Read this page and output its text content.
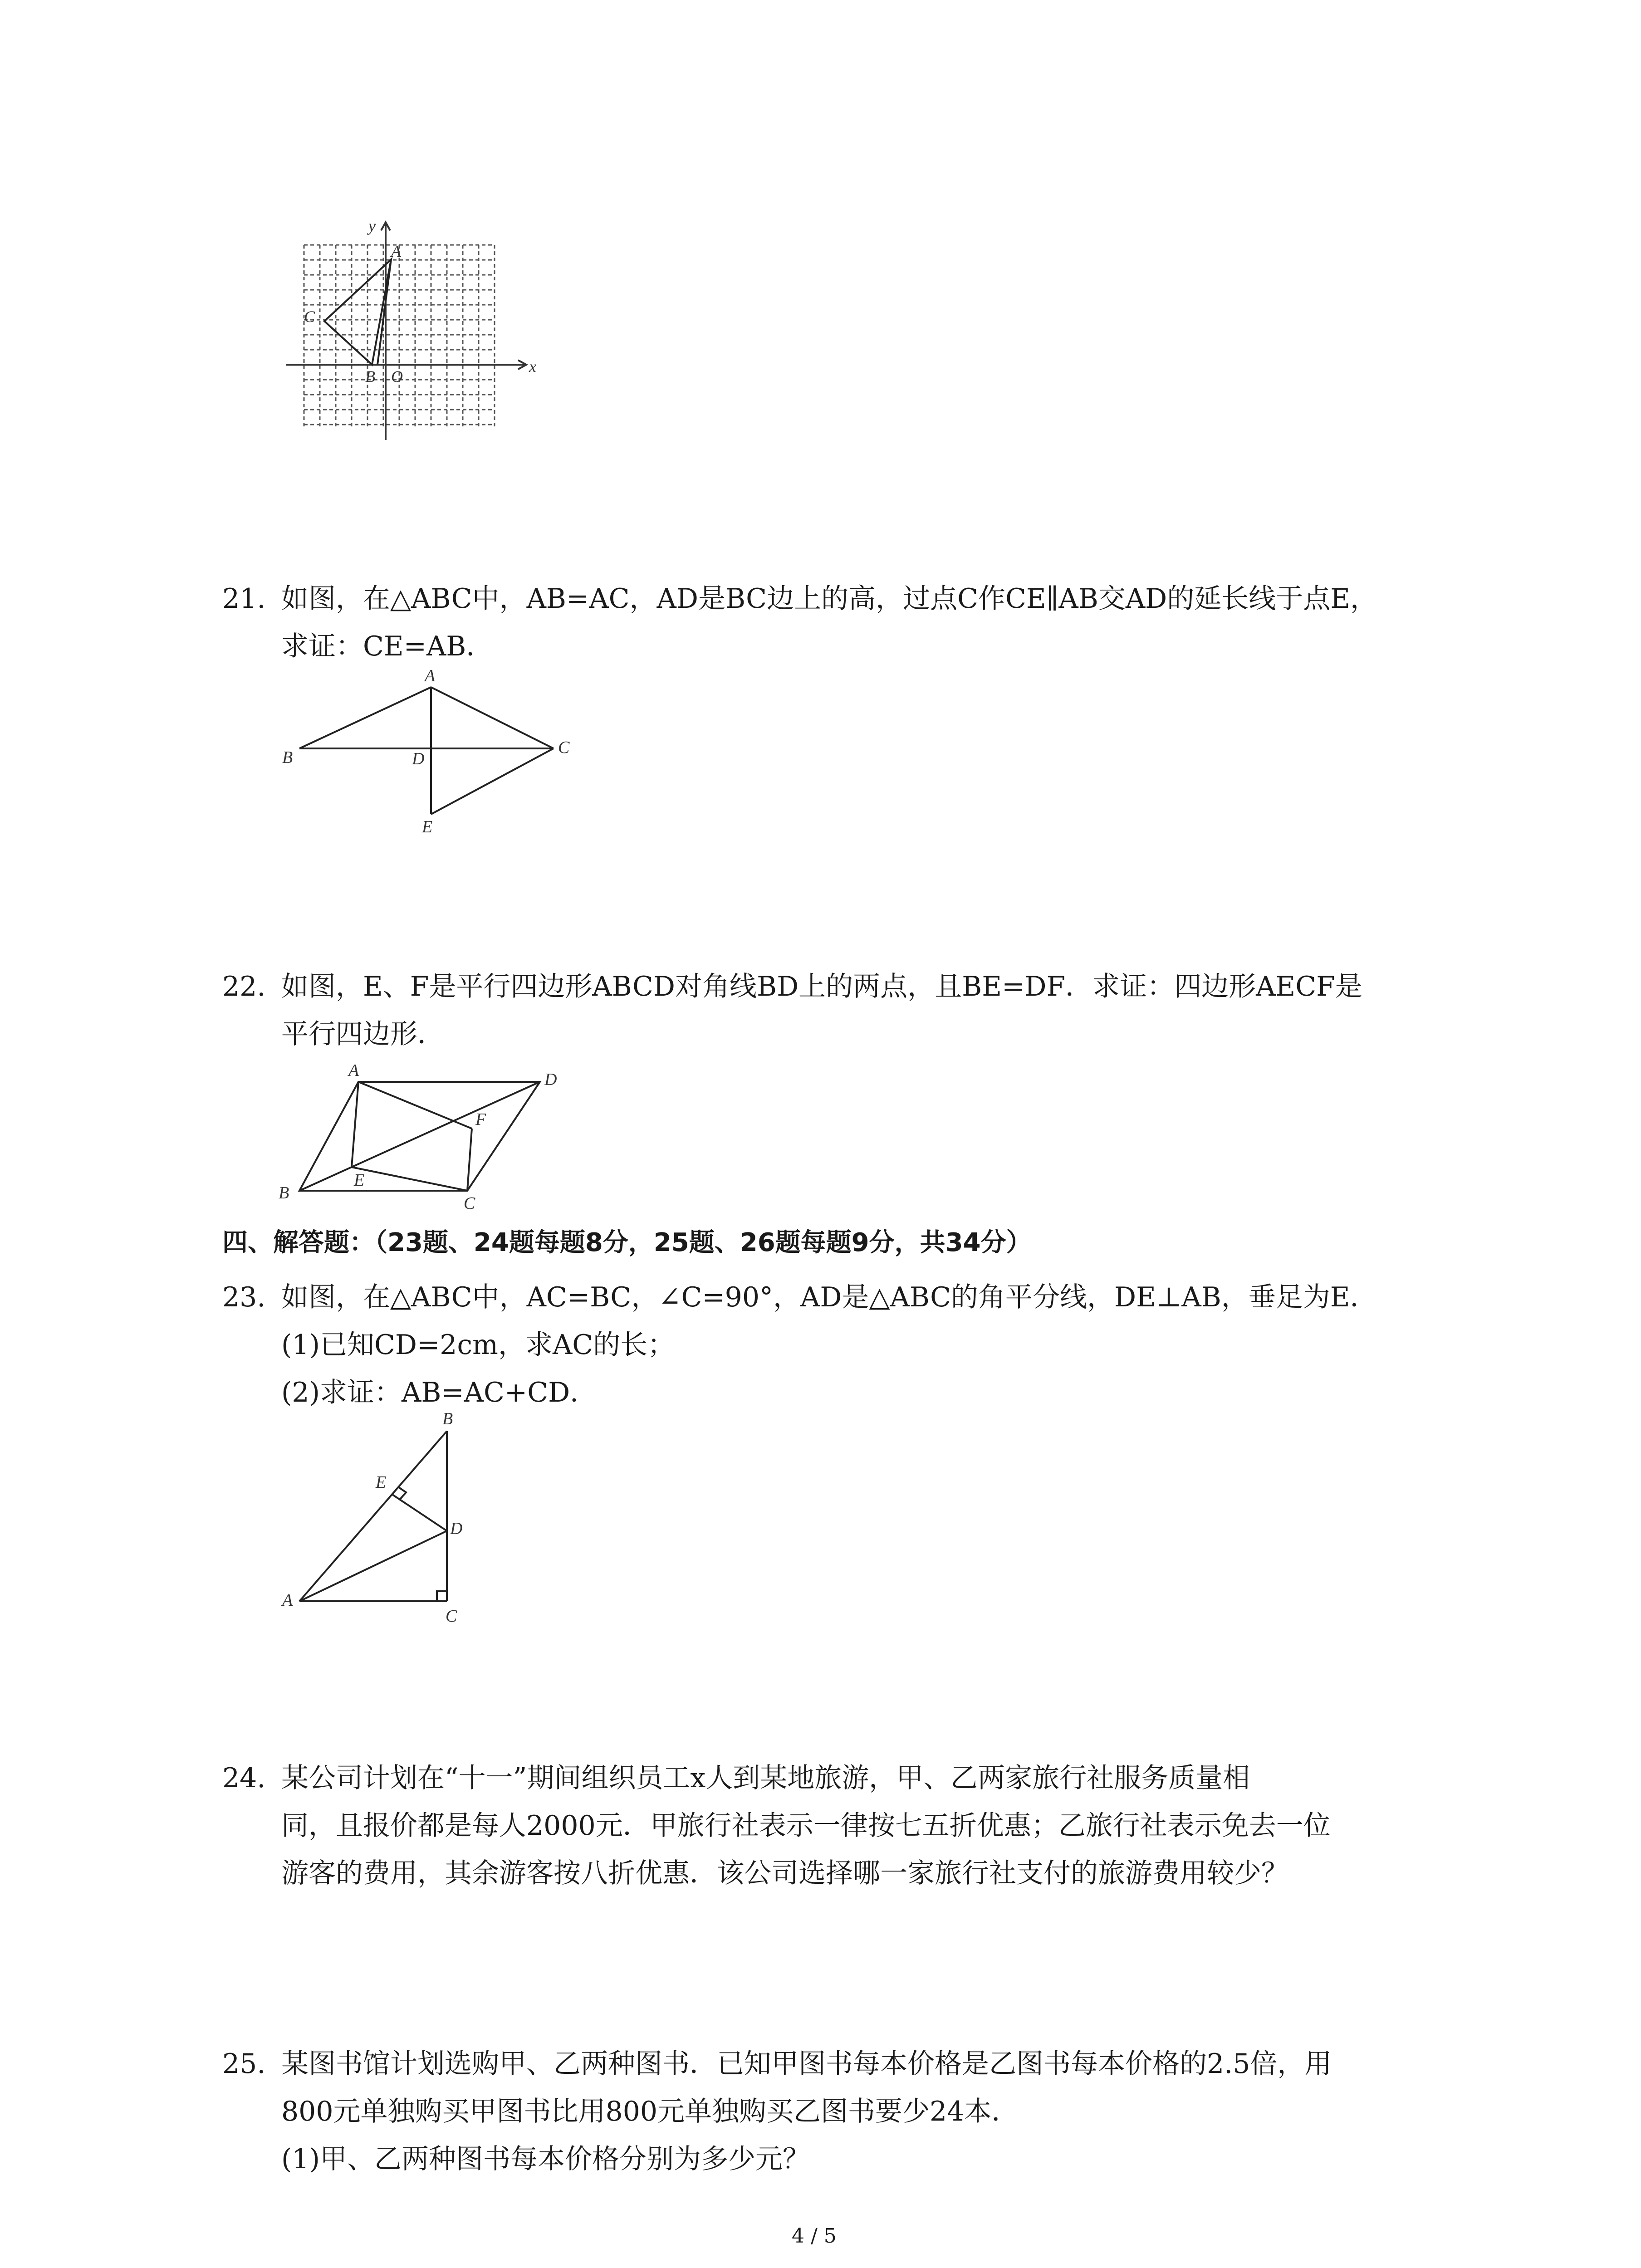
y
x
A
C
B O
21. 如图，在△ABC中，AB=AC，AD是BC边上的高，过点C作CE∥AB交AD的延长线于点E，
求证：CE=AB．
A
B
C
D
E
22. 如图，E、F是平行四边形ABCD对角线BD上的两点，且BE=DF．求证：四边形AECF是
平行四边形．
A
B
C
D
E
F
四、解答题：（23题、24题每题8分，25题、26题每题9分，共34分）
23. 如图，在△ABC中，AC=BC，∠C=90°，AD是△ABC的角平分线，DE⊥AB，垂足为E．
(1)已知CD=2cm，求AC的长；
(2)求证：AB=AC+CD．
B
E
D
A
C
24. 某公司计划在“十一”期间组织员工x人到某地旅游，甲、乙两家旅行社服务质量相
同，且报价都是每人2000元．甲旅行社表示一律按七五折优惠；乙旅行社表示免去一位
游客的费用，其余游客按八折优惠．该公司选择哪一家旅行社支付的旅游费用较少？
25. 某图书馆计划选购甲、乙两种图书．已知甲图书每本价格是乙图书每本价格的2.5倍，用
800元单独购买甲图书比用800元单独购买乙图书要少24本．
(1)甲、乙两种图书每本价格分别为多少元？
4 / 5
